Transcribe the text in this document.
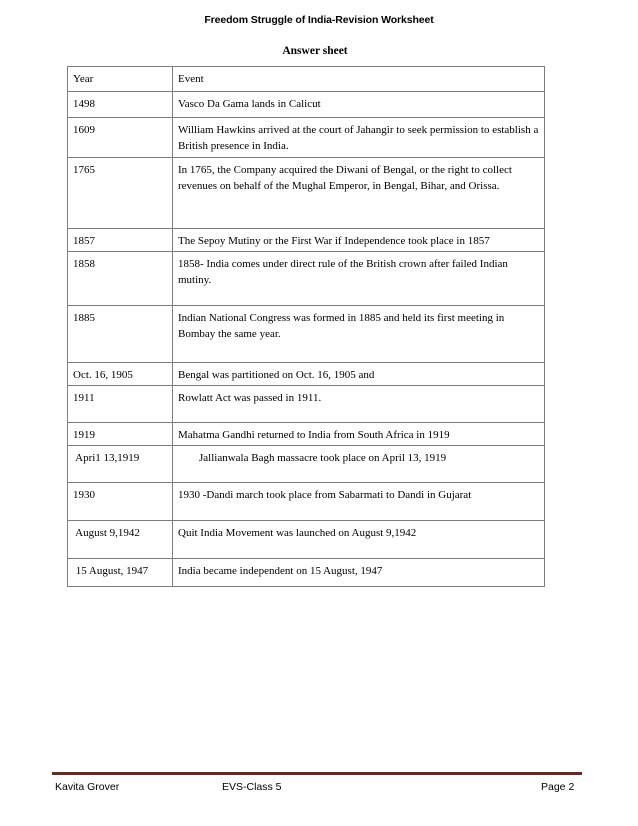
Freedom Struggle of India-Revision Worksheet
Answer sheet
Year	Event
1498	Vasco Da Gama lands in Calicut
1609	William Hawkins arrived at the court of Jahangir to seek permission to establish a British presence in India.
1765	In 1765, the Company acquired the Diwani of Bengal, or the right to collect revenues on behalf of the Mughal Emperor, in Bengal, Bihar, and Orissa.
1857	The Sepoy Mutiny or the First War if Independence took place in 1857
1858	1858- India comes under direct rule of the British crown after failed Indian mutiny.
1885	Indian National Congress was formed in 1885 and held its first meeting in Bombay the same year.
Oct. 16, 1905	Bengal was partitioned on Oct. 16, 1905 and
1911	Rowlatt Act was passed in 1911.
1919	Mahatma Gandhi returned to India from South Africa in 1919
Apri1 13,1919	Jallianwala Bagh massacre took place on April 13, 1919
1930	1930 -Dandi march took place from Sabarmati to Dandi in Gujarat
August 9,1942	Quit India Movement was launched on August 9,1942
15 August, 1947	India became independent on 15 August, 1947
Kavita Grover	EVS-Class 5	Page 2
